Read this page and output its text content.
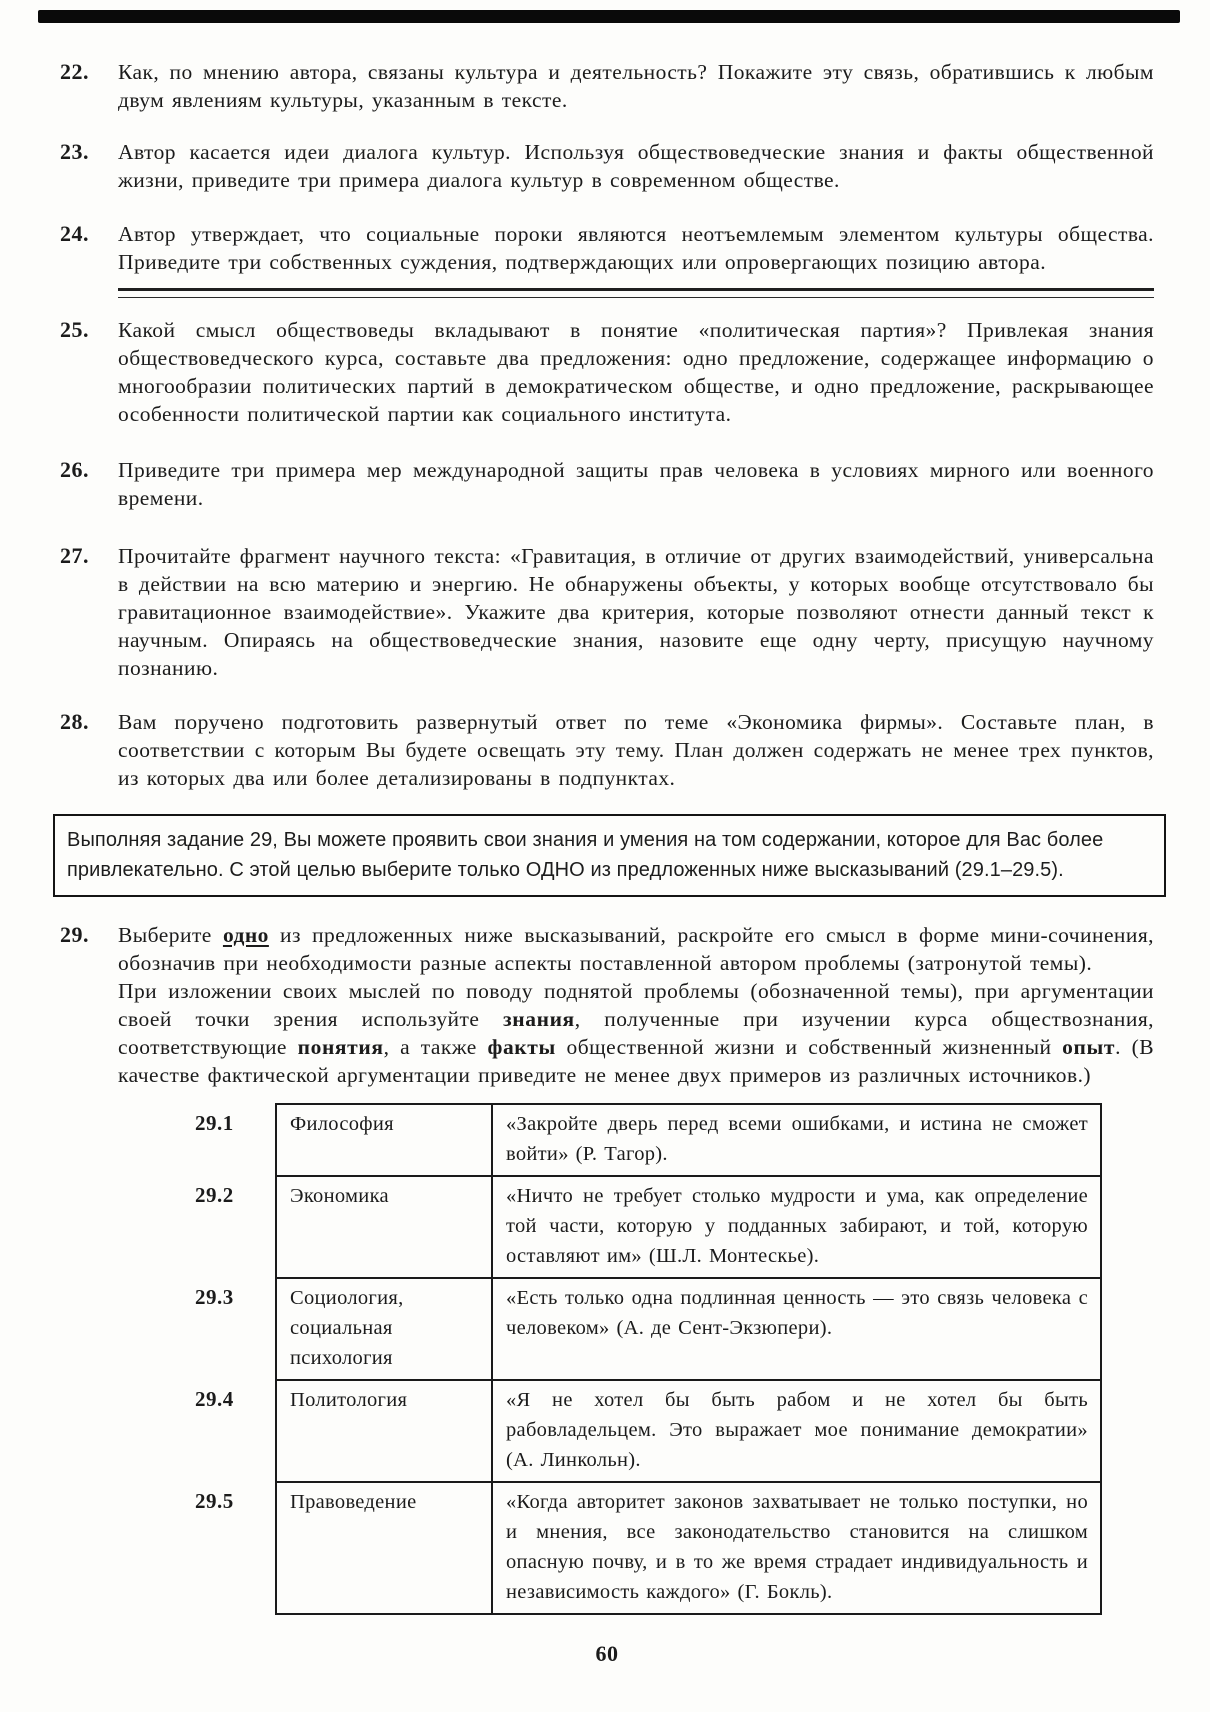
22.	Как, по мнению автора, связаны культура и деятельность? Покажите эту связь, обратившись к любым двум явлениям культуры, указанным в тексте.
23.	Автор касается идеи диалога культур. Используя обществоведческие знания и факты общественной жизни, приведите три примера диалога культур в современном обществе.
24.	Автор утверждает, что социальные пороки являются неотъемлемым элементом культуры общества. Приведите три собственных суждения, подтверждающих или опровергающих позицию автора.
25.	Какой смысл обществоведы вкладывают в понятие «политическая партия»? Привлекая знания обществоведческого курса, составьте два предложения: одно предложение, содержащее информацию о многообразии политических партий в демократическом обществе, и одно предложение, раскрывающее особенности политической партии как социального института.
26.	Приведите три примера мер международной защиты прав человека в условиях мирного или военного времени.
27.	Прочитайте фрагмент научного текста: «Гравитация, в отличие от других взаимодействий, универсальна в действии на всю материю и энергию. Не обнаружены объекты, у которых вообще отсутствовало бы гравитационное взаимодействие». Укажите два критерия, которые позволяют отнести данный текст к научным. Опираясь на обществоведческие знания, назовите еще одну черту, присущую научному познанию.
28.	Вам поручено подготовить развернутый ответ по теме «Экономика фирмы». Составьте план, в соответствии с которым Вы будете освещать эту тему. План должен содержать не менее трех пунктов, из которых два или более детализированы в подпунктах.
Выполняя задание 29, Вы можете проявить свои знания и умения на том содержании, которое для Вас более привлекательно. С этой целью выберите только ОДНО из предложенных ниже высказываний (29.1–29.5).
29.	Выберите одно из предложенных ниже высказываний, раскройте его смысл в форме мини-сочинения, обозначив при необходимости разные аспекты поставленной автором проблемы (затронутой темы).

При изложении своих мыслей по поводу поднятой проблемы (обозначенной темы), при аргументации своей точки зрения используйте знания, полученные при изучении курса обществознания, соответствующие понятия, а также факты общественной жизни и собственный жизненный опыт. (В качестве фактической аргументации приведите не менее двух примеров из различных источников.)

29.1	Философия	«Закройте дверь перед всеми ошибками, и истина не сможет войти» (Р. Тагор).
29.2	Экономика	«Ничто не требует столько мудрости и ума, как определение той части, которую у подданных забирают, и той, которую оставляют им» (Ш.Л. Монтескье).
29.3	Социология, социальная психология	«Есть только одна подлинная ценность — это связь человека с человеком» (А. де Сент-Экзюпери).
29.4	Политология	«Я не хотел бы быть рабом и не хотел бы быть рабовладельцем. Это выражает мое понимание демократии» (А. Линкольн).
29.5	Правоведение	«Когда авторитет законов захватывает не только поступки, но и мнения, все законодательство становится на слишком опасную почву, и в то же время страдает индивидуальность и независимость каждого» (Г. Бокль).
60
